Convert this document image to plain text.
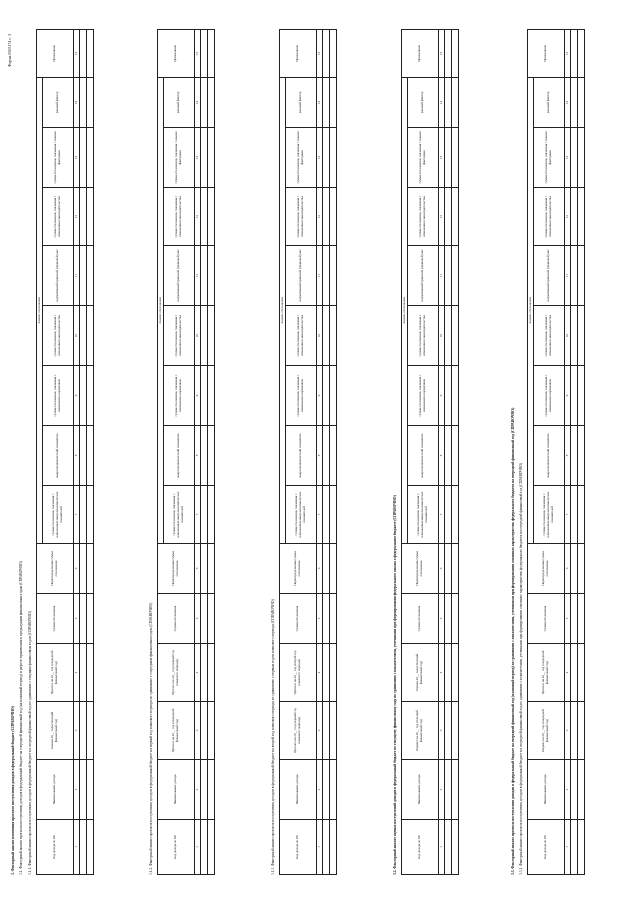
Форма 0505174 с. 3
3. Факторный анализ изменения прогноза поступления доходов в федеральный бюджет (СПРАВОЧНО) 3.1. Факторный анализ прогноза поступления доходов в федеральный бюджет на очередной финансовый год (на плановый период) в разрезе применения к предыдущим финансовым годам (СПРАВОЧНО) 3.1.1. Факторный анализ прогноза поступления доходов в федеральный бюджет на очередной финансовый год по сравнению с текущим финансовым годом (СПРАВОЧНО)	Код дохода по БК	Наименование дохода	Оценка 20__ года (текущий финансовый год)	Прогноз на 20__ год (очередной финансовый год)	Сумма отклонения	Нераспределенная сумма отклонения	Анализ отклонения								Примечание
						сумма отклонения, связанная с изменением макроэкономических показателей	макроэкономический показатель	сумма отклонения, связанная с изменением нормативов	сумма отклонения, связанная с изменением законодательства	нормативный правовой (правовой) акт	сумма отклонения, связанная с изменением законодательства	сумма отклонения, связанная с иными факторами	разовый фактор	
1	2	3	4	5	6	7	8	9	10	11	12	13	14	15

3.1.2. Факторный анализ прогноза поступления доходов в федеральный бюджет на первый год планового периода по сравнению с очередным финансовым годом (СПРАВОЧНО)	Код дохода по БК	Наименование дохода	Прогноз на 20__ год (очередной финансовый год)	Прогноз на 20__ год (первый год планового периода)	Сумма отклонения	Нераспределенная сумма отклонения	Анализ отклонения								Примечание
						сумма отклонения, связанная с изменением макроэкономических показателей	макроэкономический показатель	сумма отклонения, связанная с изменением нормативов	сумма отклонения, связанная с изменением законодательства	нормативный правовой (правовой) акт	сумма отклонения, связанная с изменением законодательства	сумма отклонения, связанная с иными факторами	разовый фактор	
1	2	3	4	5	6	7	8	9	10	11	12	13	14	15

3.1.3. Факторный анализ прогноза поступления доходов в федеральный бюджет на второй год планового периода по сравнению с первым годом планового периода (СПРАВОЧНО)	Код дохода по БК	Наименование дохода	Прогноз на 20__ год (первый год планового периода)	Прогноз на 20__ год (второй год планового периода)	Сумма отклонения	Нераспределенная сумма отклонения	Анализ отклонения								Примечание
						сумма отклонения, связанная с изменением макроэкономических показателей	макроэкономический показатель	сумма отклонения, связанная с изменением нормативов	сумма отклонения, связанная с изменением законодательства	нормативный правовой (правовой) акт	сумма отклонения, связанная с изменением законодательства	сумма отклонения, связанная с иными факторами	разовый фактор	
1	2	3	4	5	6	7	8	9	10	11	12	13	14	15

3.2. Факторный анализ оценки поступлений доходов в федеральный бюджет по текущему финансовому году по сравнению с показателями, учтенными при формировании федерального закона о федеральном бюджете (СПРАВОЧНО)	Код дохода по БК	Наименование дохода	Бюджет на 20__ год (текущий финансовый год)	Оценка 20__ года (текущий финансовый год)	Сумма отклонения	Нераспределенная сумма отклонения	Анализ отклонения								Примечание
						сумма отклонения, связанная с изменением макроэкономических показателей	макроэкономический показатель	сумма отклонения, связанная с изменением нормативов	сумма отклонения, связанная с изменением законодательства	нормативный правовой (правовой) акт	сумма отклонения, связанная с изменением законодательства	сумма отклонения, связанная с иными факторами	разовый фактор	
1	2	3	4	5	6	7	8	9	10	11	12	13	14	15

3.3. Факторный анализ прогноза поступления доходов в федеральный бюджет на очередной финансовый год (плановый период) по сравнению с показателями, учтенными при формировании основных характеристик федерального бюджета на очередной финансовый год (СПРАВОЧНО) 3.3.1. Факторный анализ прогноза поступления доходов в федеральный бюджет на очередной финансовый год по сравнению с показателями, учтенными при формировании основных характеристик федерального бюджета на очередной финансовый год (СПРАВОЧНО)	Код дохода по БК	Наименование дохода	Бюджет на 20__ год (очередной финансовый год)	Прогноз на 20__ год (очередной финансовый год)	Сумма отклонения	Нераспределенная сумма отклонения	Анализ отклонения								Примечание
						сумма отклонения, связанная с изменением макроэкономических показателей	макроэкономический показатель	сумма отклонения, связанная с изменением нормативов	сумма отклонения, связанная с изменением законодательства	нормативный правовой (правовой) акт	сумма отклонения, связанная с изменением законодательства	сумма отклонения, связанная с иными факторами	разовый фактор	
1	2	3	4	5	6	7	8	9	10	11	12	13	14	15
